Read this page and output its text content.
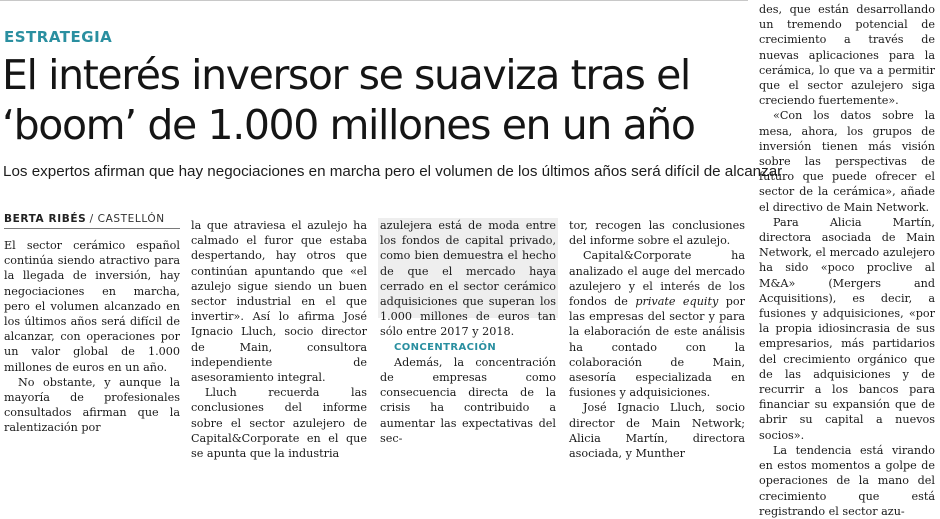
ESTRATEGIA
El interés inversor se suaviza tras el ‘boom’ de 1.000 millones en un año
Los expertos afirman que hay negociaciones en marcha pero el volumen de los últimos años será difícil de alcanzar
BERTA RIBÉS / CASTELLÓN

El sector cerámico español continúa siendo atractivo para la llegada de inversión, hay negociaciones en marcha, pero el volumen alcanzado en los últimos años será difícil de alcanzar, con operaciones por un valor global de 1.000 millones de euros en un año.

No obstante, y aunque la mayoría de profesionales consultados afirman que la ralentización por

la que atraviesa el azulejo ha calmado el furor que estaba despertando, hay otros que continúan apuntando que «el azulejo sigue siendo un buen sector industrial en el que invertir». Así lo afirma José Ignacio Lluch, socio director de Main, consultora independiente de asesoramiento integral.

Lluch recuerda las conclusiones del informe sobre el sector azulejero de Capital&Corporate en el que se apunta que la industria

azulejera está de moda entre los fondos de capital privado, como bien demuestra el hecho de que el mercado haya cerrado en el sector cerámico adquisiciones que superan los 1.000 millones de euros tan sólo entre 2017 y 2018.

CONCENTRACIÓN

Además, la concentración de empresas como consecuencia directa de la crisis ha contribuido a aumentar las expectativas del sec-

tor, recogen las conclusiones del informe sobre el azulejo.

Capital&Corporate ha analizado el auge del mercado azulejero y el interés de los fondos de private equity por las empresas del sector y para la elaboración de este análisis ha contado con la colaboración de Main, asesoría especializada en fusiones y adquisiciones.

José Ignacio Lluch, socio director de Main Network; Alicia Martín, directora asociada, y Munther

des, que están desarrollando un tremendo potencial de crecimiento a través de nuevas aplicaciones para la cerámica, lo que va a permitir que el sector azulejero siga creciendo fuertemente».

«Con los datos sobre la mesa, ahora, los grupos de inversión tienen más visión sobre las perspectivas de futuro que puede ofrecer el sector de la cerámica», añade el directivo de Main Network.

Para Alicia Martín, directora asociada de Main Network, el mercado azulejero ha sido «poco proclive al M&A» (Mergers and Acquisitions), es decir, a fusiones y adquisiciones, «por la propia idiosincrasia de sus empresarios, más partidarios del crecimiento orgánico que de las adquisiciones y de recurrir a los bancos para financiar su expansión que de abrir su capital a nuevos socios».

La tendencia está virando en estos momentos a golpe de operaciones de la mano del crecimiento que está registrando el sector azu-
